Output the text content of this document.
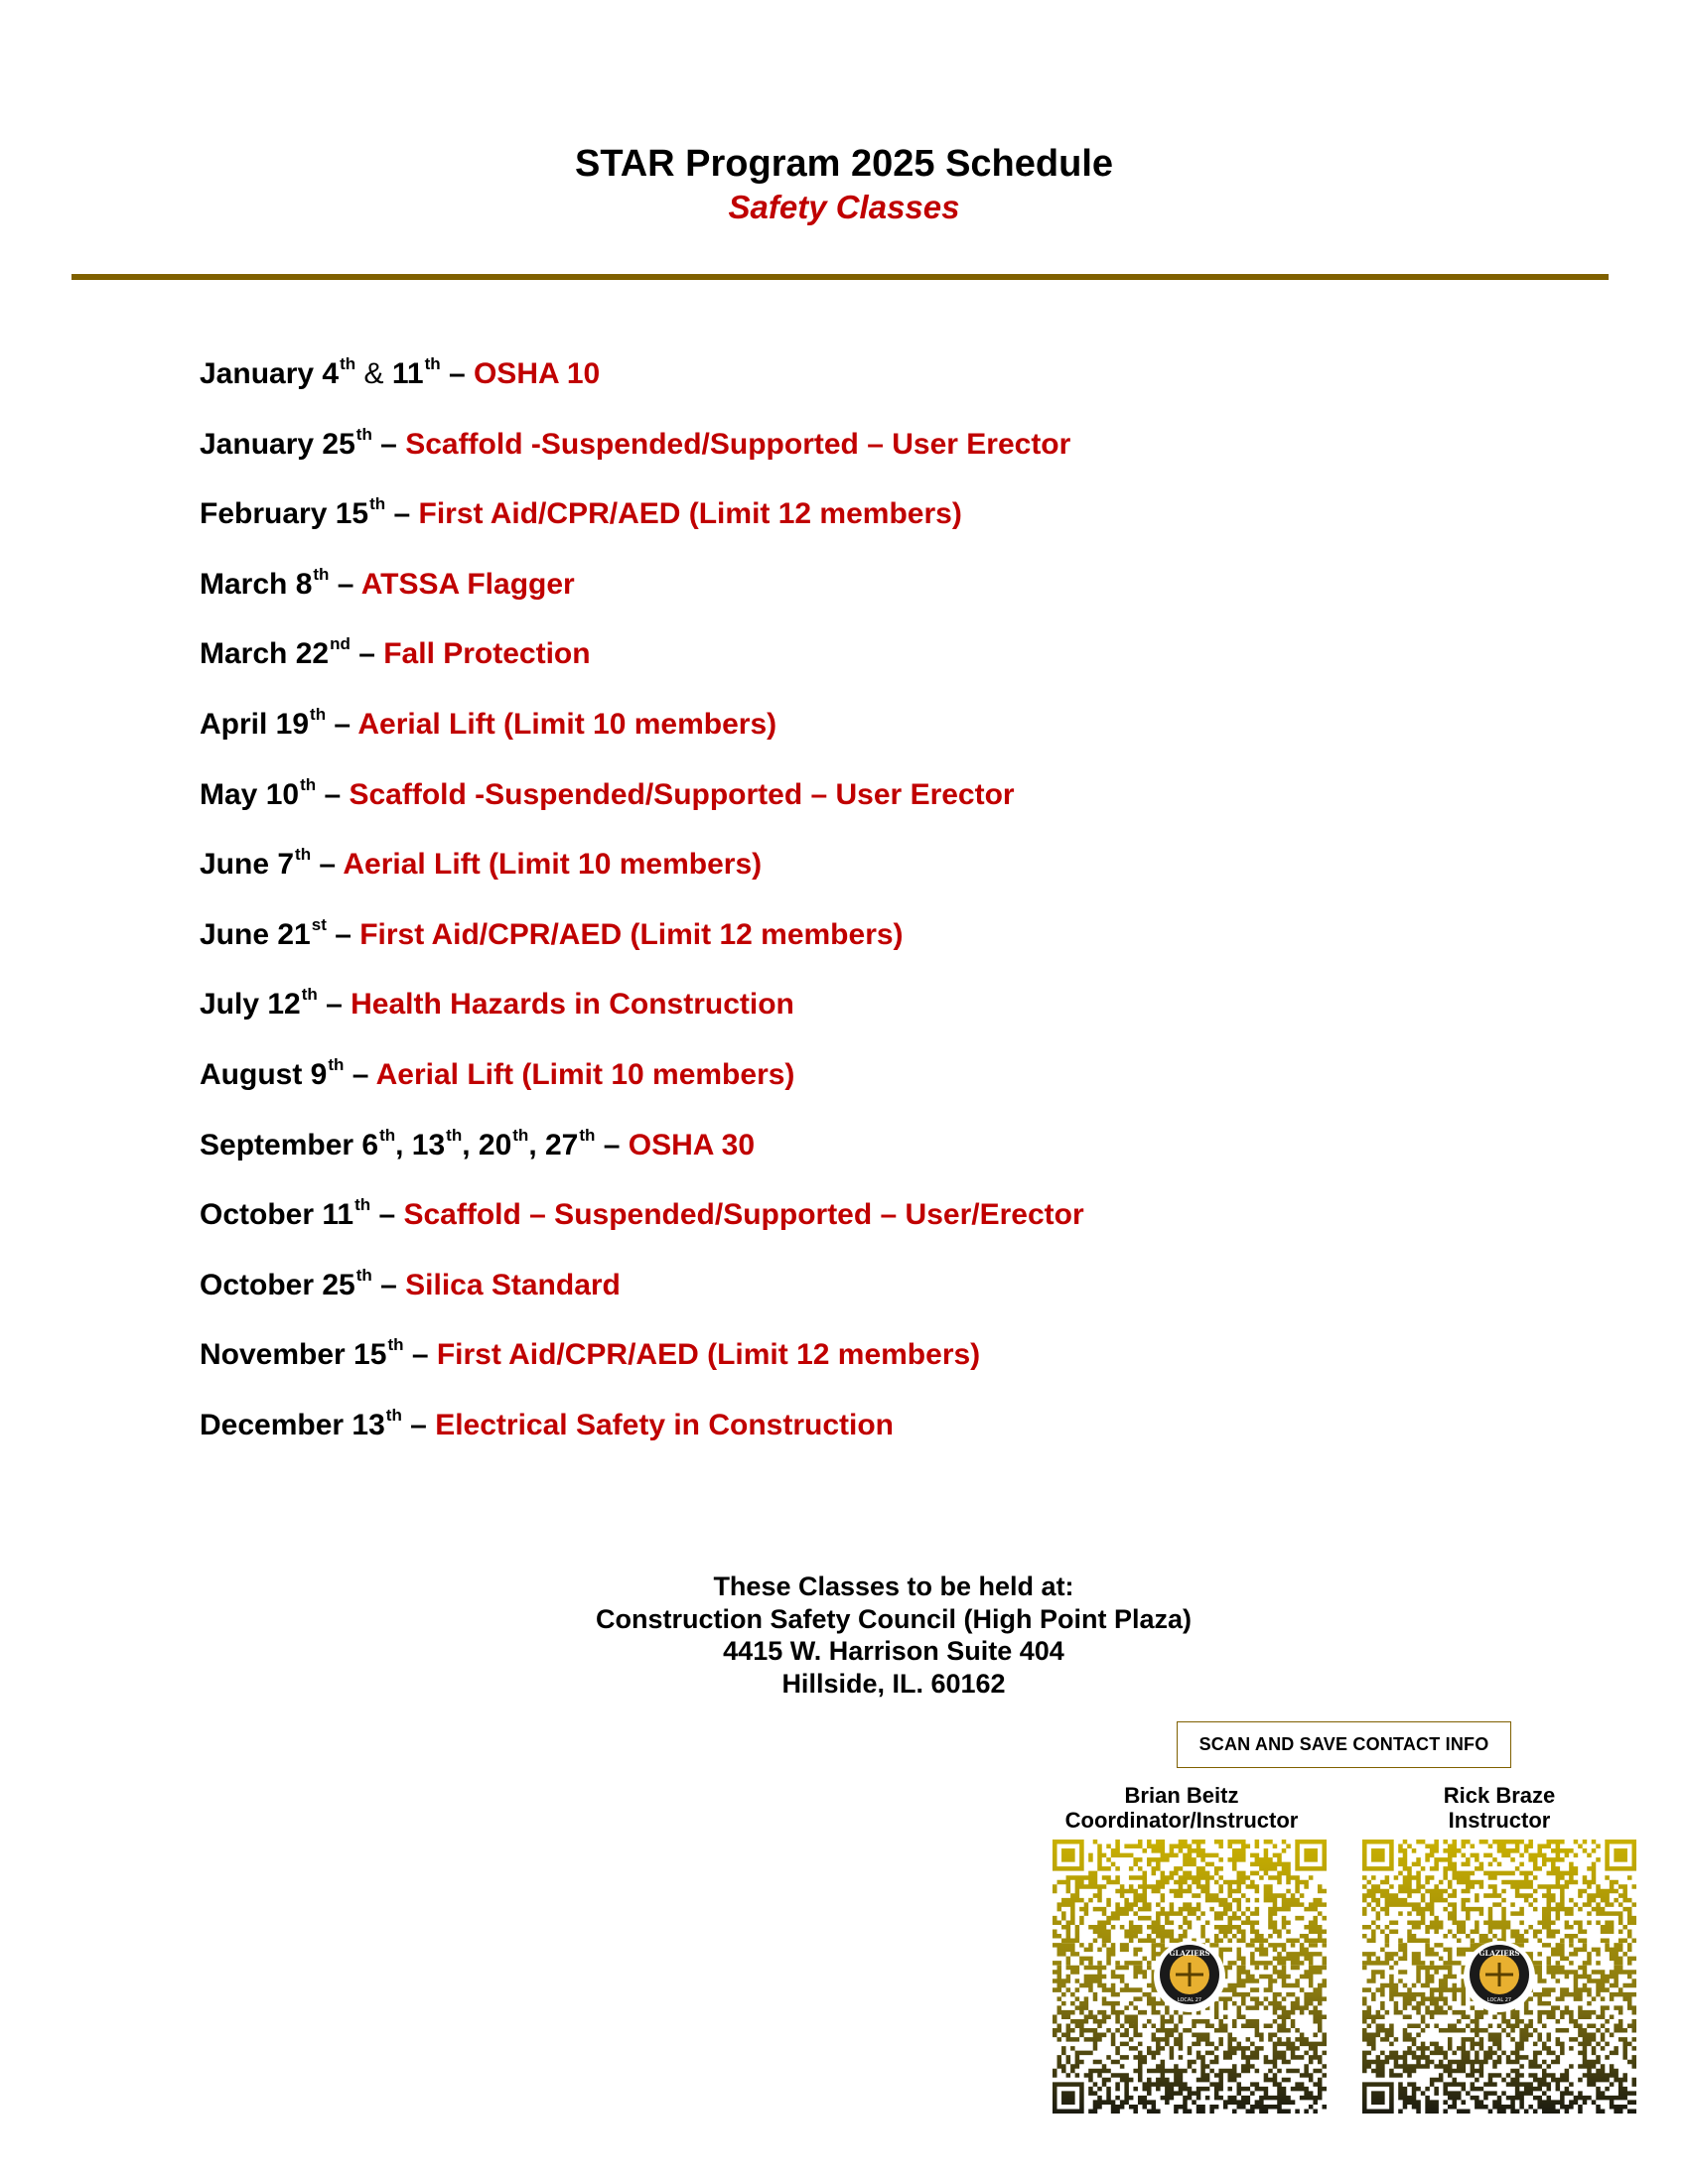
STAR Program 2025 Schedule
Safety Classes
January 4th & 11th – OSHA 10
January 25th – Scaffold -Suspended/Supported – User Erector
February 15th – First Aid/CPR/AED (Limit 12 members)
March 8th – ATSSA Flagger
March 22nd – Fall Protection
April 19th – Aerial Lift (Limit 10 members)
May 10th – Scaffold -Suspended/Supported – User Erector
June 7th – Aerial Lift (Limit 10 members)
June 21st – First Aid/CPR/AED (Limit 12 members)
July 12th – Health Hazards in Construction
August 9th – Aerial Lift (Limit 10 members)
September 6th, 13th, 20th, 27th – OSHA 30
October 11th – Scaffold – Suspended/Supported – User/Erector
October 25th – Silica Standard
November 15th – First Aid/CPR/AED (Limit 12 members)
December 13th – Electrical Safety in Construction
These Classes to be held at:
Construction Safety Council (High Point Plaza)
4415 W. Harrison Suite 404
Hillside, IL. 60162
SCAN AND SAVE CONTACT INFO
Brian Beitz
Coordinator/Instructor
Rick Braze
Instructor
GLAZIERS
LOCAL 27
GLAZIERS
LOCAL 27
